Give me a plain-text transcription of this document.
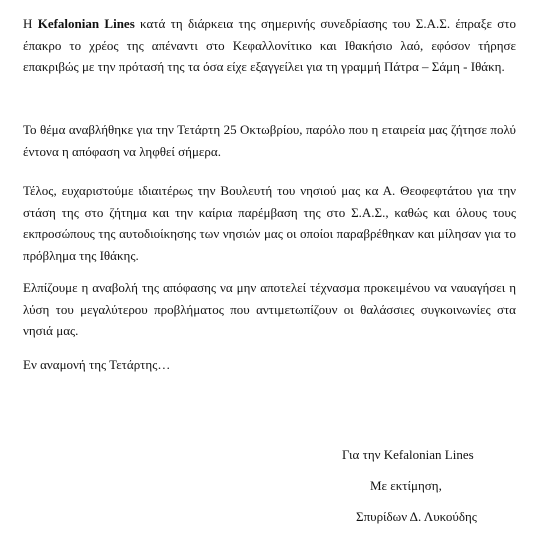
Η Kefalonian Lines κατά τη διάρκεια της σημερινής συνεδρίασης του Σ.Α.Σ. έπραξε στο έπακρο το χρέος της απέναντι στο Κεφαλλονίτικο και Ιθακήσιο λαό, εφόσον τήρησε επακριβώς με την πρότασή της τα όσα είχε εξαγγείλει για τη γραμμή Πάτρα – Σάμη - Ιθάκη.

Το θέμα αναβλήθηκε για την Τετάρτη 25 Οκτωβρίου, παρόλο που η εταιρεία μας ζήτησε πολύ έντονα η απόφαση να ληφθεί σήμερα.

Τέλος, ευχαριστούμε ιδιαιτέρως την Βουλευτή του νησιού μας κα Α. Θεοφεφτάτου για την στάση της στο ζήτημα και την καίρια παρέμβαση της στο Σ.Α.Σ., καθώς και όλους τους εκπροσώπους της αυτοδιοίκησης των νησιών μας οι οποίοι παραβρέθηκαν και μίλησαν για το πρόβλημα της Ιθάκης.

Ελπίζουμε η αναβολή της απόφασης να μην αποτελεί τέχνασμα προκειμένου να ναυαγήσει η λύση του μεγαλύτερου προβλήματος που αντιμετωπίζουν οι θαλάσσιες συγκοινωνίες στα νησιά μας.

Εν αναμονή της Τετάρτης…

Για την Kefalonian Lines

Με εκτίμηση,

Σπυρίδων Δ. Λυκούδης
